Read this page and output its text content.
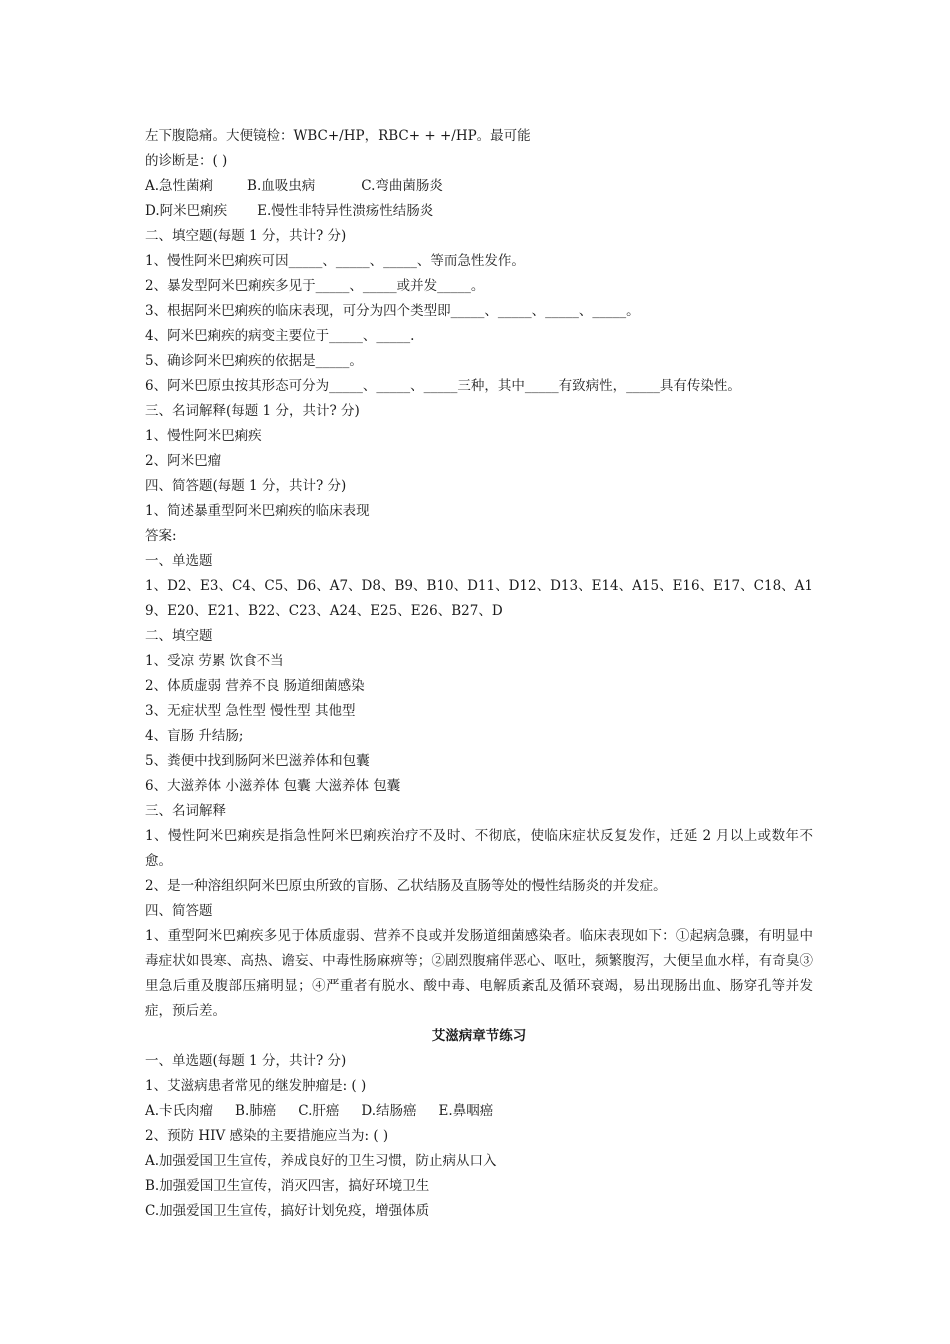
左下腹隐痛。大便镜检：WBC+/HP，RBC+ + +/HP。最可能
的诊断是：( )
A.急性菌痢	B.血吸虫病	C.弯曲菌肠炎
D.阿米巴痢疾 E.慢性非特异性溃疡性结肠炎
二、填空题(每题 1 分，共计? 分)
1、慢性阿米巴痢疾可因_____、_____、_____、等而急性发作。
2、暴发型阿米巴痢疾多见于_____、_____或并发_____。
3、根据阿米巴痢疾的临床表现，可分为四个类型即_____、_____、_____、_____。
4、阿米巴痢疾的病变主要位于_____、_____.
5、确诊阿米巴痢疾的依据是_____。
6、阿米巴原虫按其形态可分为_____、_____、_____三种，其中_____有致病性，_____具有传染性。
三、名词解释(每题 1 分，共计? 分)
1、慢性阿米巴痢疾
2、阿米巴瘤
四、简答题(每题 1 分，共计? 分)
1、简述暴重型阿米巴痢疾的临床表现
答案:
一、单选题
1、D2、E3、C4、C5、D6、A7、D8、B9、B10、D11、D12、D13、E14、A15、E16、E17、C18、A19、E20、E21、B22、C23、A24、E25、E26、B27、D
二、填空题
1、受凉 劳累 饮食不当
2、体质虚弱 营养不良 肠道细菌感染
3、无症状型 急性型 慢性型 其他型
4、盲肠 升结肠;
5、粪便中找到肠阿米巴滋养体和包囊
6、大滋养体 小滋养体 包囊 大滋养体 包囊
三、名词解释
1、慢性阿米巴痢疾是指急性阿米巴痢疾治疗不及时、不彻底，使临床症状反复发作，迁延 2 月以上或数年不愈。
2、是一种溶组织阿米巴原虫所致的盲肠、乙状结肠及直肠等处的慢性结肠炎的并发症。
四、简答题
1、重型阿米巴痢疾多见于体质虚弱、营养不良或并发肠道细菌感染者。临床表现如下：①起病急骤，有明显中毒症状如畏寒、高热、谵妄、中毒性肠麻痹等；②剧烈腹痛伴恶心、呕吐，频繁腹泻，大便呈血水样，有奇臭③里急后重及腹部压痛明显；④严重者有脱水、酸中毒、电解质紊乱及循环衰竭，易出现肠出血、肠穿孔等并发症，预后差。
艾滋病章节练习
一、单选题(每题 1 分，共计? 分)
1、艾滋病患者常见的继发肿瘤是: ( )
A.卡氏肉瘤 B.肺癌 C.肝癌 D.结肠癌 E.鼻咽癌
2、预防 HIV 感染的主要措施应当为: ( )
A.加强爱国卫生宣传，养成良好的卫生习惯，防止病从口入
B.加强爱国卫生宣传，消灭四害，搞好环境卫生
C.加强爱国卫生宣传，搞好计划免疫，增强体质
